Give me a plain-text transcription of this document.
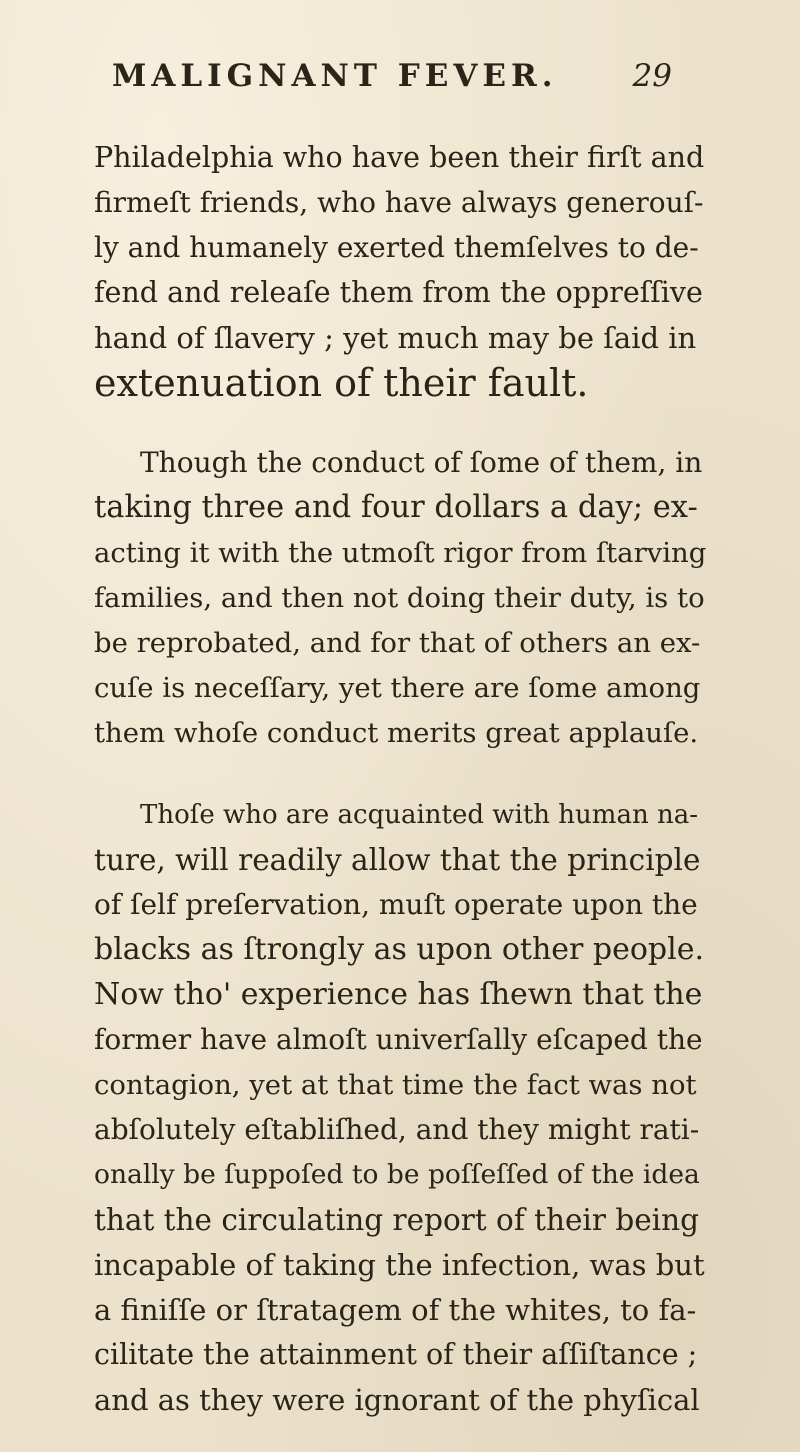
MALIGNANT FEVER. 29
Philadelphia who have been their firſt and
firmeſt friends, who have always generouſ-
ly and humanely exerted themſelves to de-
fend and releaſe them from the oppreſſive
hand of ſlavery ; yet much may be ſaid in
extenuation of their fault.
Though the conduct of ſome of them, in
taking three and four dollars a day; ex-
acting it with the utmoſt rigor from ſtarving
families, and then not doing their duty, is to
be reprobated, and for that of others an ex-
cuſe is neceſſary, yet there are ſome among
them whoſe conduct merits great applauſe.
Thoſe who are acquainted with human na-
ture, will readily allow that the principle
of ſelf preſervation, muſt operate upon the
blacks as ſtrongly as upon other people.
Now tho' experience has ſhewn that the
former have almoſt univerſally eſcaped the
contagion, yet at that time the fact was not
abſolutely eſtabliſhed, and they might rati-
onally be ſuppoſed to be poſſeſſed of the idea
that the circulating report of their being
incapable of taking the infection, was but
a finiſſe or ſtratagem of the whites, to fa-
cilitate the attainment of their aſſiſtance ;
and as they were ignorant of the phyſical
